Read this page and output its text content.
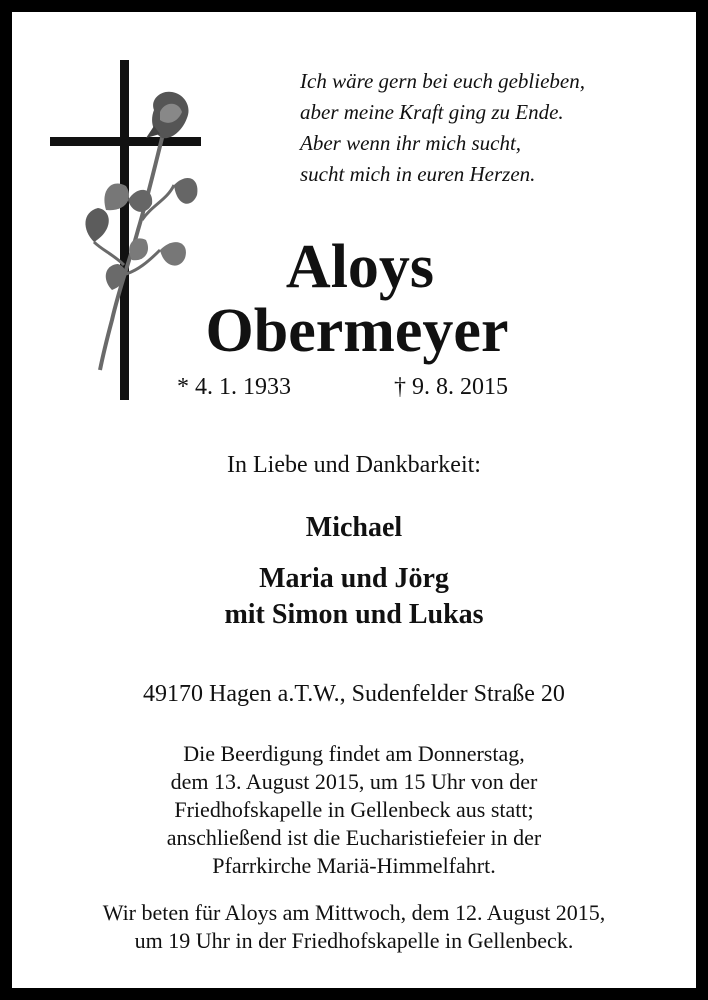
Ich wäre gern bei euch geblieben,
aber meine Kraft ging zu Ende.
Aber wenn ihr mich sucht,
sucht mich in euren Herzen.
Aloys
Obermeyer
* 4. 1. 1933	† 9. 8. 2015
In Liebe und Dankbarkeit:
Michael
Maria und Jörg
mit Simon und Lukas
49170 Hagen a.T.W., Sudenfelder Straße 20
Die Beerdigung findet am Donnerstag,
dem 13. August 2015, um 15 Uhr von der
Friedhofskapelle in Gellenbeck aus statt;
anschließend ist die Eucharistiefeier in der
Pfarrkirche Mariä-Himmelfahrt.
Wir beten für Aloys am Mittwoch, dem 12. August 2015,
um 19 Uhr in der Friedhofskapelle in Gellenbeck.
